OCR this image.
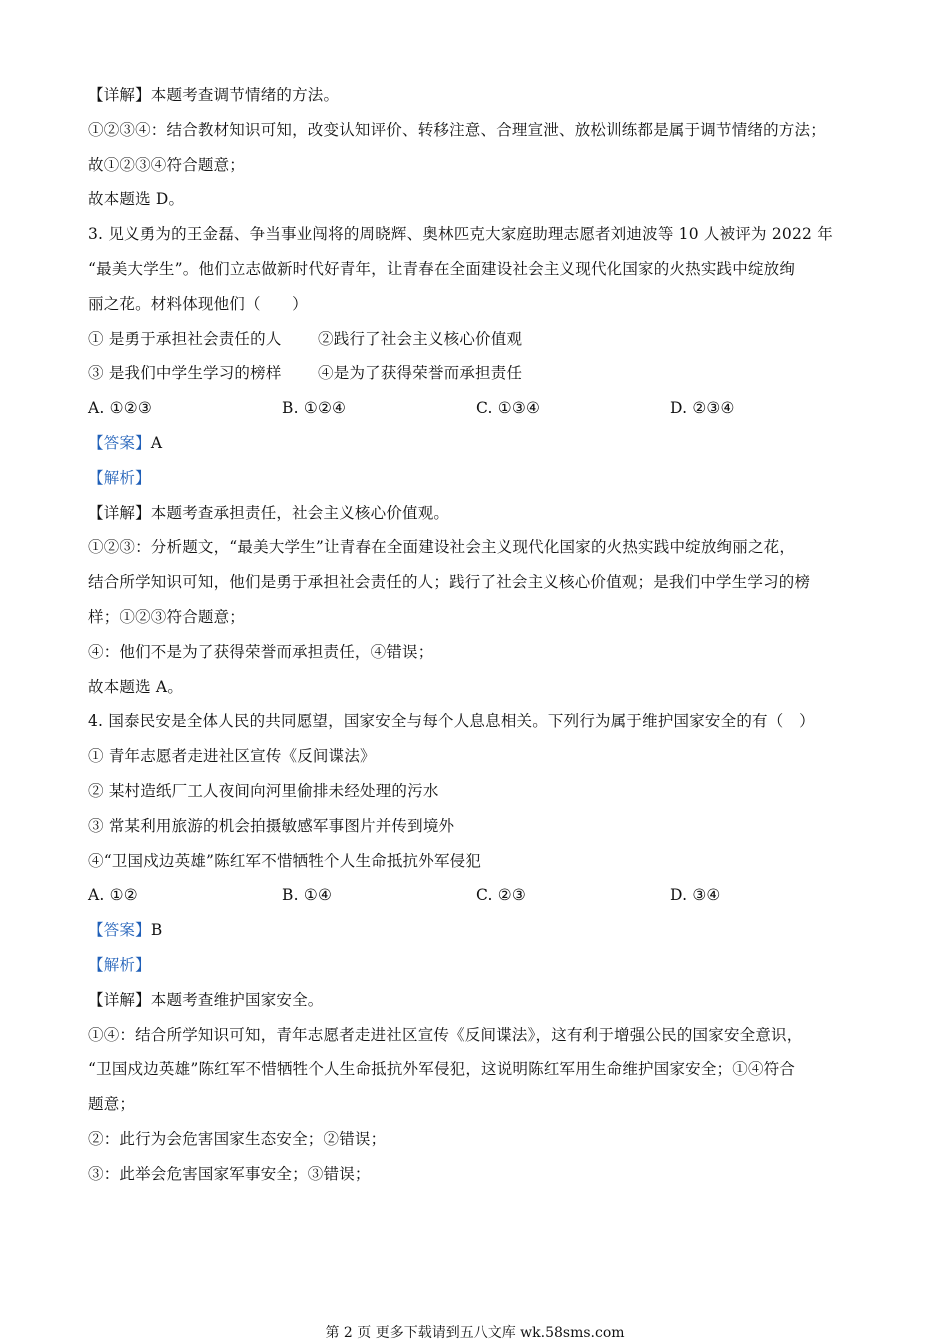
【详解】本题考查调节情绪的方法。
①②③④：结合教材知识可知，改变认知评价、转移注意、合理宣泄、放松训练都是属于调节情绪的方法；
故①②③④符合题意；
故本题选 D。
3. 见义勇为的王金磊、争当事业闯将的周晓辉、奥林匹克大家庭助理志愿者刘迪波等 10 人被评为 2022 年
“最美大学生”。他们立志做新时代好青年，让青春在全面建设社会主义现代化国家的火热实践中绽放绚
丽之花。材料体现他们（　　）
① 是勇于承担社会责任的人　　 ②践行了社会主义核心价值观
③ 是我们中学生学习的榜样　　 ④是为了获得荣誉而承担责任
A. ①②③	B. ①②④	C. ①③④	D. ②③④
【答案】A
【解析】
【详解】本题考查承担责任，社会主义核心价值观。
①②③：分析题文，“最美大学生”让青春在全面建设社会主义现代化国家的火热实践中绽放绚丽之花，
结合所学知识可知，他们是勇于承担社会责任的人；践行了社会主义核心价值观；是我们中学生学习的榜
样；①②③符合题意；
④：他们不是为了获得荣誉而承担责任，④错误；
故本题选 A。
4. 国泰民安是全体人民的共同愿望，国家安全与每个人息息相关。下列行为属于维护国家安全的有（　）
① 青年志愿者走进社区宣传《反间谍法》
② 某村造纸厂工人夜间向河里偷排未经处理的污水
③ 常某利用旅游的机会拍摄敏感军事图片并传到境外
④“卫国戍边英雄”陈红军不惜牺牲个人生命抵抗外军侵犯
A. ①②	B. ①④	C. ②③	D. ③④
【答案】B
【解析】
【详解】本题考查维护国家安全。
①④：结合所学知识可知，青年志愿者走进社区宣传《反间谍法》，这有利于增强公民的国家安全意识，
“卫国戍边英雄”陈红军不惜牺牲个人生命抵抗外军侵犯，这说明陈红军用生命维护国家安全；①④符合
题意；
②：此行为会危害国家生态安全；②错误；
③：此举会危害国家军事安全；③错误；
第 2 页 更多下载请到五八文库 wk.58sms.com
